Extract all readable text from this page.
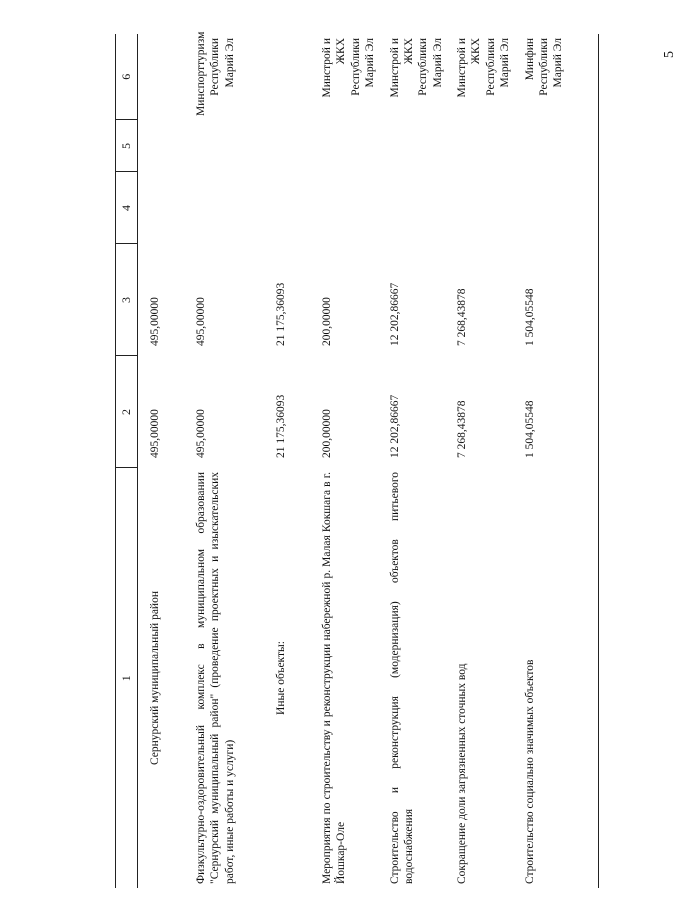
5
1	2	3	4	5	6
Сернурский муниципальный район	495,00000	495,00000			
Физкультурно-оздоровительный комплекс в муниципальном образовании "Сернурский муниципальный район" (проведение проектных и изыскательских работ, иные работы и услуги)	495,00000	495,00000			Минспорттуризм Республики Марий Эл
Иные объекты:	21 175,36093	21 175,36093			
Мероприятия по строительству и реконструкции набережной р. Малая Кокшага в г. Йошкар-Оле	200,00000	200,00000			Минстрой и ЖКХ Республики Марий Эл
Строительство и реконструкция (модернизация) объектов питьевого водоснабжения	12 202,86667	12 202,86667			Минстрой и ЖКХ Республики Марий Эл
Сокращение доли загрязненных сточных вод	7 268,43878	7 268,43878			Минстрой и ЖКХ Республики Марий Эл
Строительство социально значимых объектов	1 504,05548	1 504,05548			Минфин Республики Марий Эл
